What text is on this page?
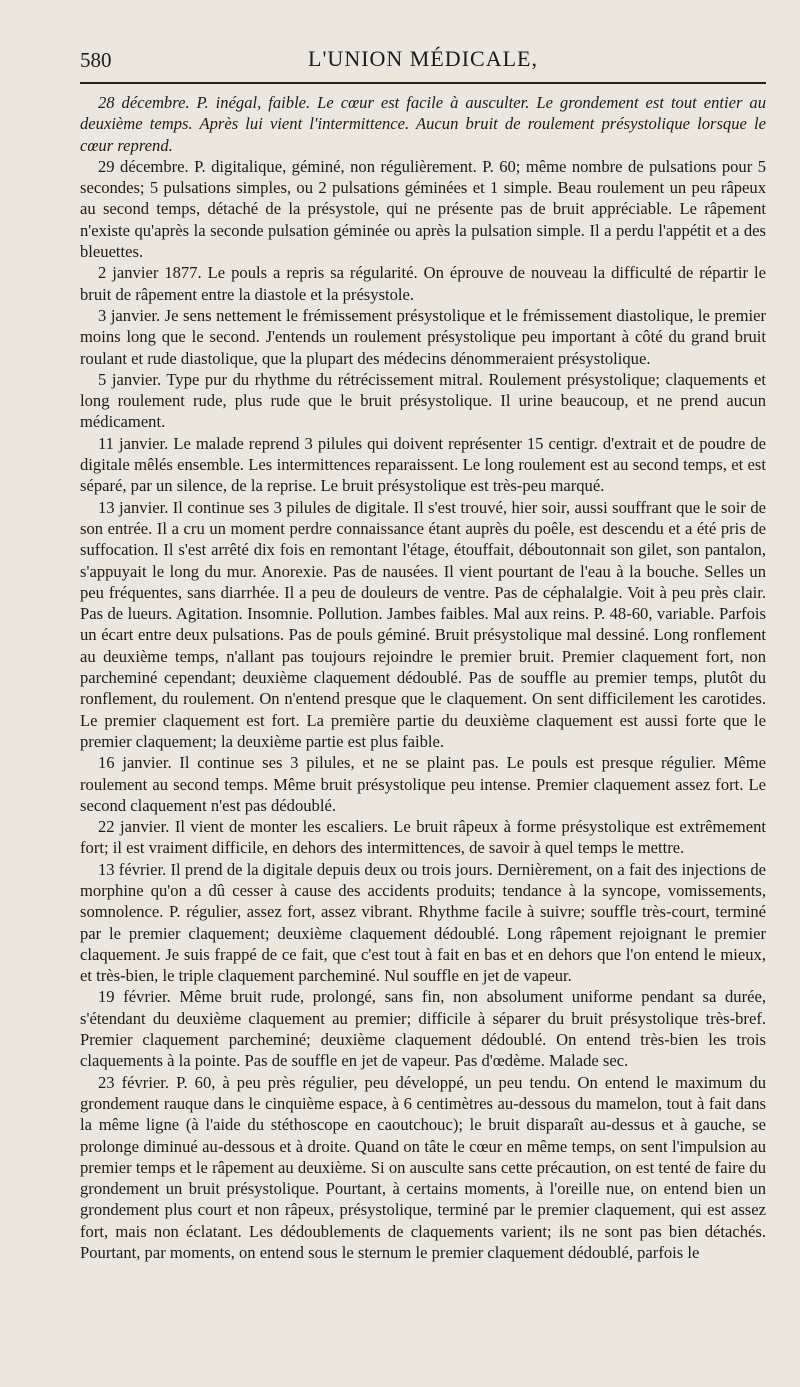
580	L'UNION MÉDICALE,

28 décembre. P. inégal, faible. Le cœur est facile à ausculter. Le grondement est tout entier au deuxième temps. Après lui vient l'intermittence. Aucun bruit de roulement présystolique lorsque le cœur reprend.

29 décembre. P. digitalique, géminé, non régulièrement. P. 60; même nombre de pulsations pour 5 secondes; 5 pulsations simples, ou 2 pulsations géminées et 1 simple. Beau roulement un peu râpeux au second temps, détaché de la présystole, qui ne présente pas de bruit appréciable. Le râpement n'existe qu'après la seconde pulsation géminée ou après la pulsation simple. Il a perdu l'appétit et a des bleuettes.

2 janvier 1877. Le pouls a repris sa régularité. On éprouve de nouveau la difficulté de répartir le bruit de râpement entre la diastole et la présystole.

3 janvier. Je sens nettement le frémissement présystolique et le frémissement diastolique, le premier moins long que le second. J'entends un roulement présystolique peu important à côté du grand bruit roulant et rude diastolique, que la plupart des médecins dénommeraient présystolique.

5 janvier. Type pur du rhythme du rétrécissement mitral. Roulement présystolique; claquements et long roulement rude, plus rude que le bruit présystolique. Il urine beaucoup, et ne prend aucun médicament.

11 janvier. Le malade reprend 3 pilules qui doivent représenter 15 centigr. d'extrait et de poudre de digitale mêlés ensemble. Les intermittences reparaissent. Le long roulement est au second temps, et est séparé, par un silence, de la reprise. Le bruit présystolique est très-peu marqué.

13 janvier. Il continue ses 3 pilules de digitale. Il s'est trouvé, hier soir, aussi souffrant que le soir de son entrée. Il a cru un moment perdre connaissance étant auprès du poêle, est descendu et a été pris de suffocation. Il s'est arrêté dix fois en remontant l'étage, étouffait, déboutonnait son gilet, son pantalon, s'appuyait le long du mur. Anorexie. Pas de nausées. Il vient pourtant de l'eau à la bouche. Selles un peu fréquentes, sans diarrhée. Il a peu de douleurs de ventre. Pas de céphalalgie. Voit à peu près clair. Pas de lueurs. Agitation. Insomnie. Pollution. Jambes faibles. Mal aux reins. P. 48-60, variable. Parfois un écart entre deux pulsations. Pas de pouls géminé. Bruit présystolique mal dessiné. Long ronflement au deuxième temps, n'allant pas toujours rejoindre le premier bruit. Premier claquement fort, non parcheminé cependant; deuxième claquement dédoublé. Pas de souffle au premier temps, plutôt du ronflement, du roulement. On n'entend presque que le claquement. On sent difficilement les carotides. Le premier claquement est fort. La première partie du deuxième claquement est aussi forte que le premier claquement; la deuxième partie est plus faible.

16 janvier. Il continue ses 3 pilules, et ne se plaint pas. Le pouls est presque régulier. Même roulement au second temps. Même bruit présystolique peu intense. Premier claquement assez fort. Le second claquement n'est pas dédoublé.

22 janvier. Il vient de monter les escaliers. Le bruit râpeux à forme présystolique est extrêmement fort; il est vraiment difficile, en dehors des intermittences, de savoir à quel temps le mettre.

13 février. Il prend de la digitale depuis deux ou trois jours. Dernièrement, on a fait des injections de morphine qu'on a dû cesser à cause des accidents produits; tendance à la syncope, vomissements, somnolence. P. régulier, assez fort, assez vibrant. Rhythme facile à suivre; souffle très-court, terminé par le premier claquement; deuxième claquement dédoublé. Long râpement rejoignant le premier claquement. Je suis frappé de ce fait, que c'est tout à fait en bas et en dehors que l'on entend le mieux, et très-bien, le triple claquement parcheminé. Nul souffle en jet de vapeur.

19 février. Même bruit rude, prolongé, sans fin, non absolument uniforme pendant sa durée, s'étendant du deuxième claquement au premier; difficile à séparer du bruit présystolique très-bref. Premier claquement parcheminé; deuxième claquement dédoublé. On entend très-bien les trois claquements à la pointe. Pas de souffle en jet de vapeur. Pas d'œdème. Malade sec.

23 février. P. 60, à peu près régulier, peu développé, un peu tendu. On entend le maximum du grondement rauque dans le cinquième espace, à 6 centimètres au-dessous du mamelon, tout à fait dans la même ligne (à l'aide du stéthoscope en caoutchouc); le bruit disparaît au-dessus et à gauche, se prolonge diminué au-dessous et à droite. Quand on tâte le cœur en même temps, on sent l'impulsion au premier temps et le râpement au deuxième. Si on ausculte sans cette précaution, on est tenté de faire du grondement un bruit présystolique. Pourtant, à certains moments, à l'oreille nue, on entend bien un grondement plus court et non râpeux, présystolique, terminé par le premier claquement, qui est assez fort, mais non éclatant. Les dédoublements de claquements varient; ils ne sont pas bien détachés. Pourtant, par moments, on entend sous le sternum le premier claquement dédoublé, parfois le
